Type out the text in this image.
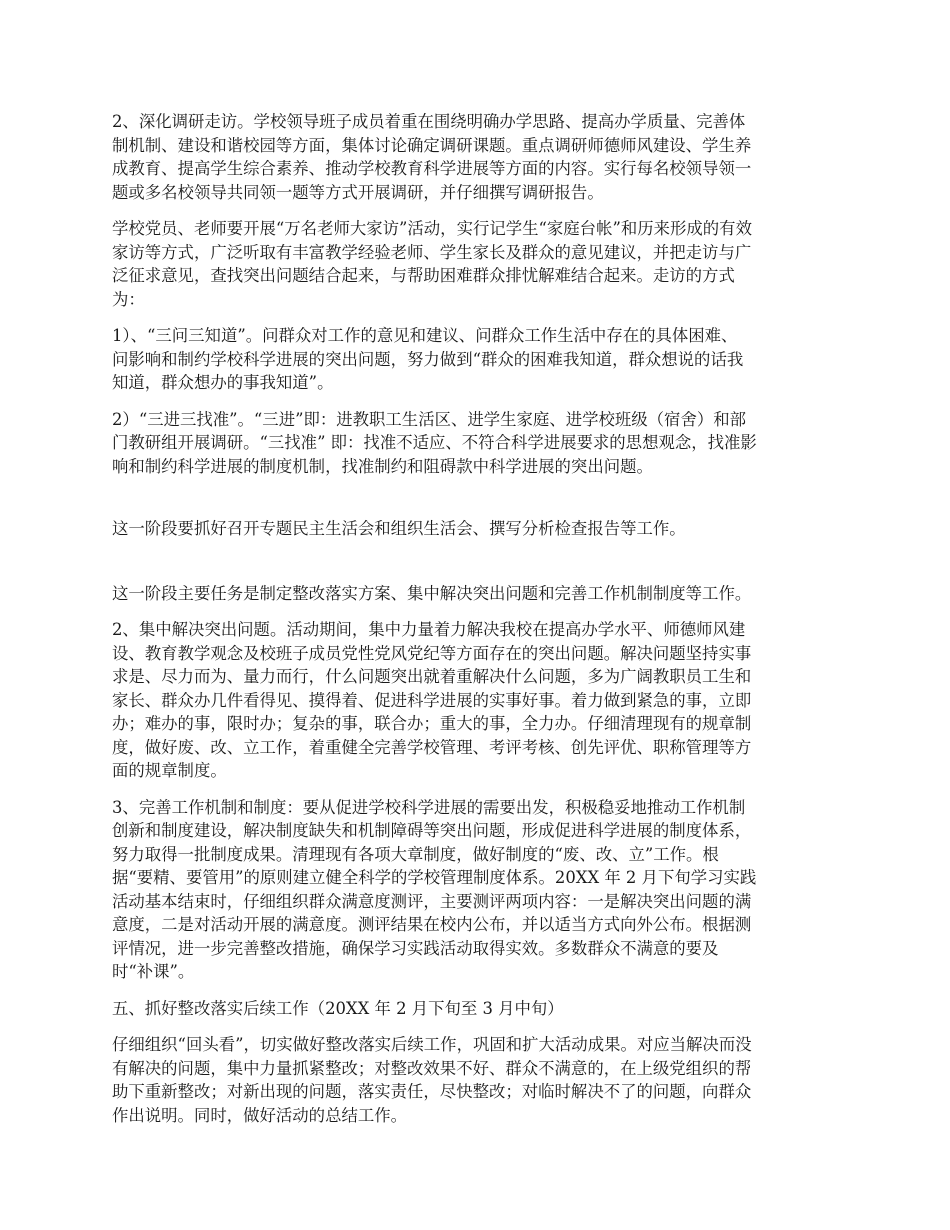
2、深化调研走访。学校领导班子成员着重在围绕明确办学思路、提高办学质量、完善体
制机制、建设和谐校园等方面，集体讨论确定调研课题。重点调研师德师风建设、学生养
成教育、提高学生综合素养、推动学校教育科学进展等方面的内容。实行每名校领导领一
题或多名校领导共同领一题等方式开展调研，并仔细撰写调研报告。

学校党员、老师要开展“万名老师大家访”活动，实行记学生“家庭台帐”和历来形成的有效
家访等方式，广泛听取有丰富教学经验老师、学生家长及群众的意见建议，并把走访与广
泛征求意见，查找突出问题结合起来，与帮助困难群众排忧解难结合起来。走访的方式
为：

1）、“三问三知道”。问群众对工作的意见和建议、问群众工作生活中存在的具体困难、
问影响和制约学校科学进展的突出问题，努力做到“群众的困难我知道，群众想说的话我
知道，群众想办的事我知道”。

2）“三进三找准”。“三进”即：进教职工生活区、进学生家庭、进学校班级（宿舍）和部
门教研组开展调研。“三找准” 即：找准不适应、不符合科学进展要求的思想观念，找准影
响和制约科学进展的制度机制，找准制约和阻碍款中科学进展的突出问题。

这一阶段要抓好召开专题民主生活会和组织生活会、撰写分析检查报告等工作。

这一阶段主要任务是制定整改落实方案、集中解决突出问题和完善工作机制制度等工作。

2、集中解决突出问题。活动期间，集中力量着力解决我校在提高办学水平、师德师风建
设、教育教学观念及校班子成员党性党风党纪等方面存在的突出问题。解决问题坚持实事
求是、尽力而为、量力而行，什么问题突出就着重解决什么问题，多为广阔教职员工生和
家长、群众办几件看得见、摸得着、促进科学进展的实事好事。着力做到紧急的事，立即
办；难办的事，限时办；复杂的事，联合办；重大的事，全力办。仔细清理现有的规章制
度，做好废、改、立工作，着重健全完善学校管理、考评考核、创先评优、职称管理等方
面的规章制度。

3、完善工作机制和制度：要从促进学校科学进展的需要出发，积极稳妥地推动工作机制
创新和制度建设，解决制度缺失和机制障碍等突出问题，形成促进科学进展的制度体系，
努力取得一批制度成果。清理现有各项大章制度，做好制度的“废、改、立”工作。根
据“要精、要管用”的原则建立健全科学的学校管理制度体系。20XX 年 2 月下旬学习实践
活动基本结束时，仔细组织群众满意度测评，主要测评两项内容：一是解决突出问题的满
意度，二是对活动开展的满意度。测评结果在校内公布，并以适当方式向外公布。根据测
评情况，进一步完善整改措施，确保学习实践活动取得实效。多数群众不满意的要及
时“补课”。

五、抓好整改落实后续工作（20XX 年 2 月下旬至 3 月中旬）

仔细组织“回头看”，切实做好整改落实后续工作，巩固和扩大活动成果。对应当解决而没
有解决的问题，集中力量抓紧整改；对整改效果不好、群众不满意的，在上级党组织的帮
助下重新整改；对新出现的问题，落实责任，尽快整改；对临时解决不了的问题，向群众
作出说明。同时，做好活动的总结工作。
